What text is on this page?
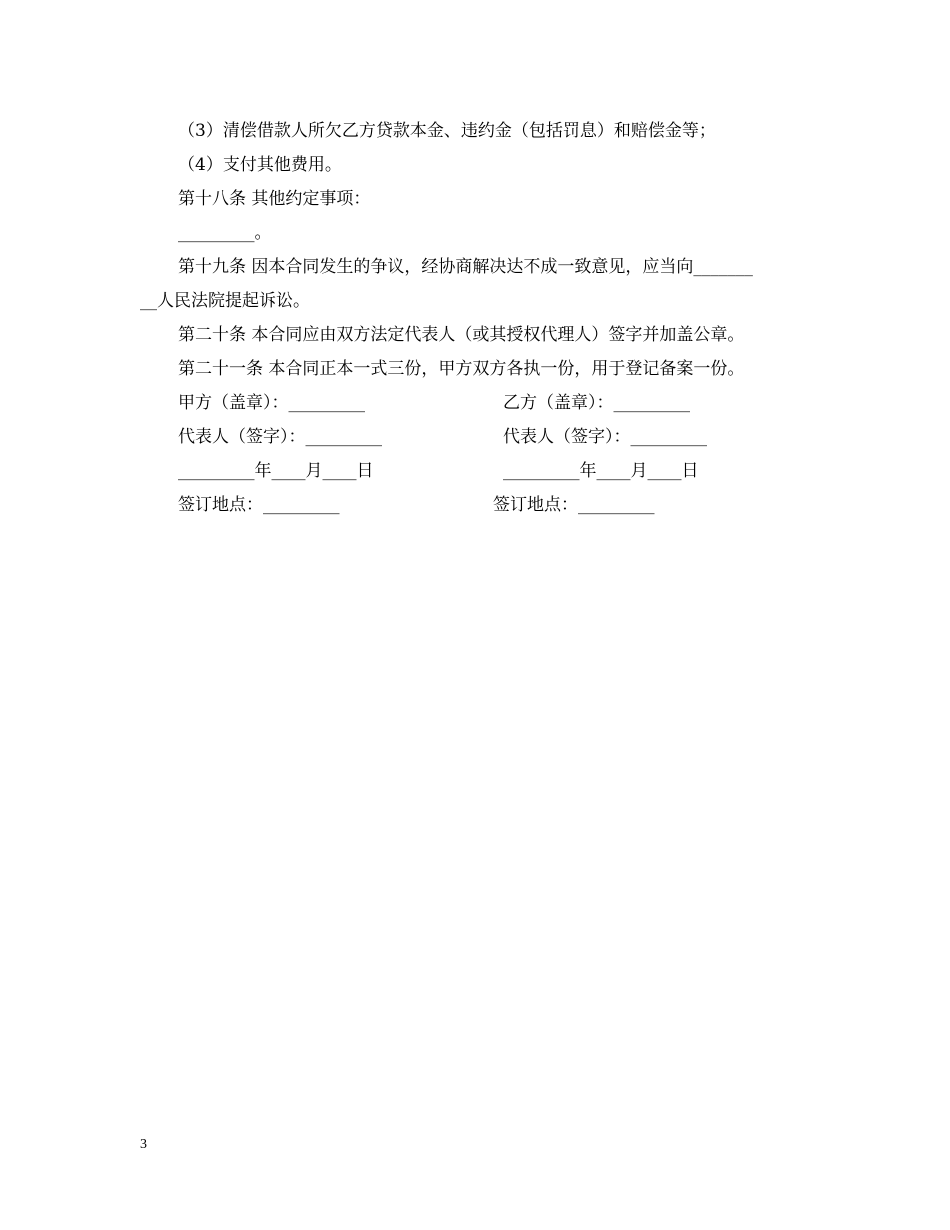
（3）清偿借款人所欠乙方贷款本金、违约金（包括罚息）和赔偿金等；
（4）支付其他费用。
第十八条 其他约定事项：
_________。
第十九条 因本合同发生的争议，经协商解决达不成一致意见，应当向_______
__人民法院提起诉讼。
第二十条 本合同应由双方法定代表人（或其授权代理人）签字并加盖公章。
第二十一条 本合同正本一式三份，甲方双方各执一份，用于登记备案一份。
甲方（盖章）：_________	乙方（盖章）：_________
代表人（签字）：_________	代表人（签字）：_________
_________年____月____日	_________年____月____日
签订地点：_________	签订地点：_________
3
